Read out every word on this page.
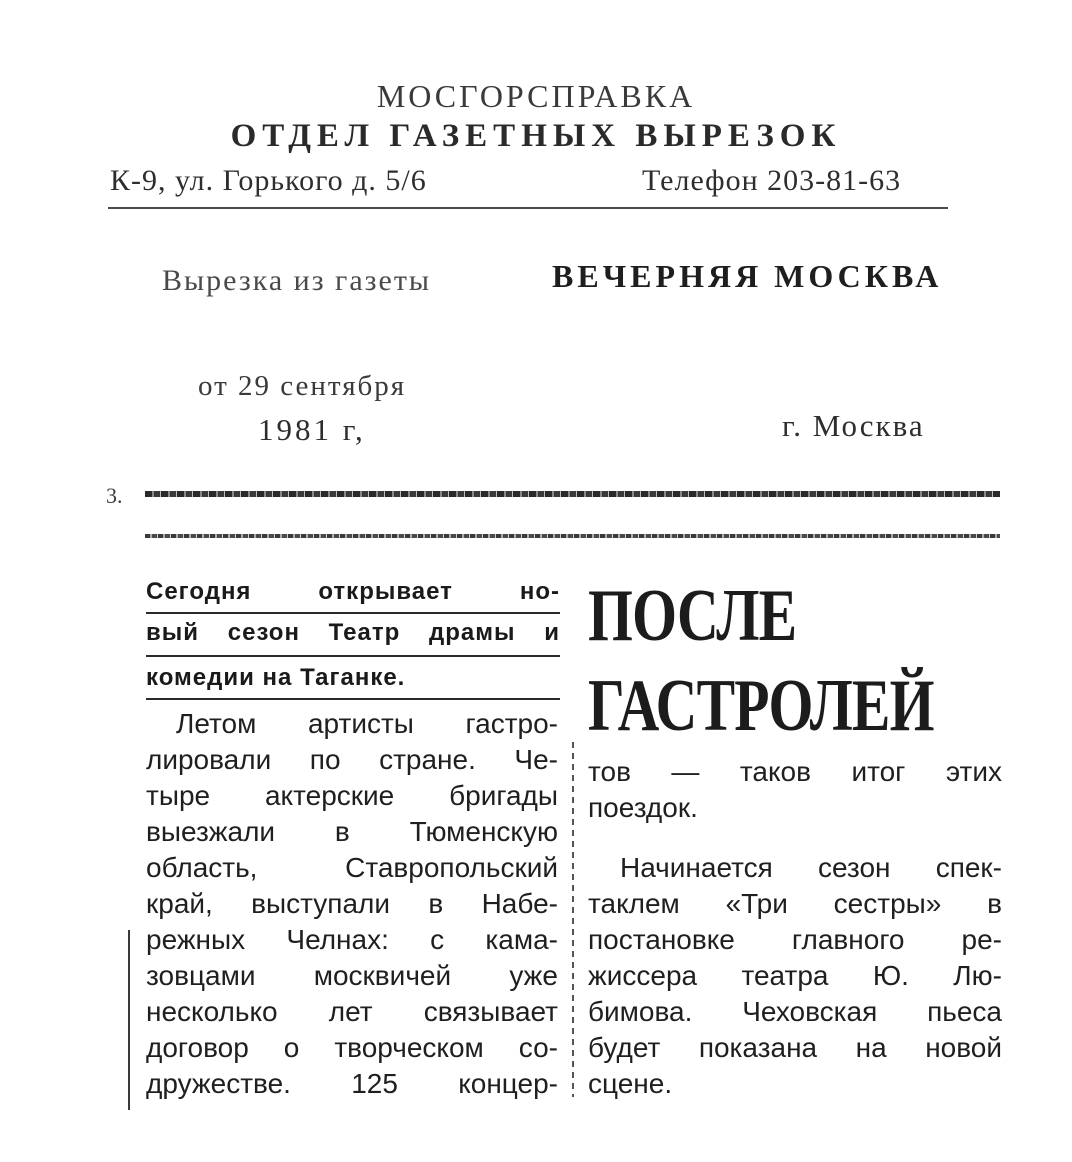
МОСГОРСПРАВКА
ОТДЕЛ ГАЗЕТНЫХ ВЫРЕЗОК
К-9, ул. Горького д. 5/6	Телефон 203-81-63
Вырезка из газеты	ВЕЧЕРНЯЯ МОСКВА
от 29 сентября
1981 г,	г. Москва
3.
Сегодня открывает но-
вый сезон Театр драмы и
комедии на Таганке.
ПОСЛЕ
ГАСТРОЛЕЙ
Летом артисты гастро-
лировали по стране. Че-
тыре актерские бригады
выезжали в Тюменскую
область, Ставропольский
край, выступали в Набе-
режных Челнах: с кама-
зовцами москвичей уже
несколько лет связывает
договор о творческом со-
дружестве. 125 концер-
тов — таков итог этих
поездок.
Начинается сезон спек-
таклем «Три сестры» в
постановке главного ре-
жиссера театра Ю. Лю-
бимова. Чеховская пьеса
будет показана на новой
сцене.
